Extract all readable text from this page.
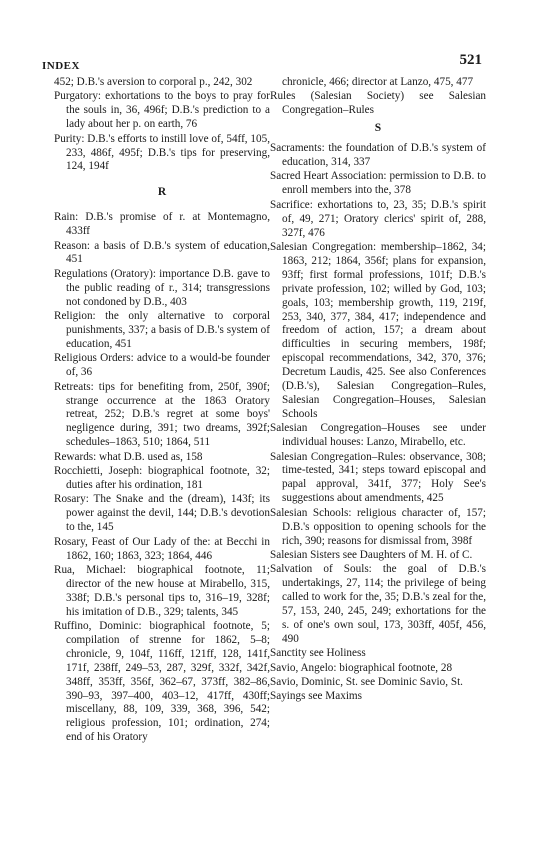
INDEX	521

452; D.B.'s aversion to corporal p., 242, 302

Purgatory: exhortations to the boys to pray for the souls in, 36, 496f; D.B.'s prediction to a lady about her p. on earth, 76

Purity: D.B.'s efforts to instill love of, 54ff, 105, 233, 486f, 495f; D.B.'s tips for preserving, 124, 194f

R

Rain: D.B.'s promise of r. at Montemagno, 433ff

Reason: a basis of D.B.'s system of education, 451

Regulations (Oratory): importance D.B. gave to the public reading of r., 314; transgressions not condoned by D.B., 403

Religion: the only alternative to corporal punishments, 337; a basis of D.B.'s system of education, 451

Religious Orders: advice to a would-be founder of, 36

Retreats: tips for benefiting from, 250f, 390f; strange occurrence at the 1863 Oratory retreat, 252; D.B.'s regret at some boys' negligence during, 391; two dreams, 392f; schedules–1863, 510; 1864, 511

Rewards: what D.B. used as, 158

Rocchietti, Joseph: biographical footnote, 32; duties after his ordination, 181

Rosary: The Snake and the (dream), 143f; its power against the devil, 144; D.B.'s devotion to the, 145

Rosary, Feast of Our Lady of the: at Becchi in 1862, 160; 1863, 323; 1864, 446

Rua, Michael: biographical footnote, 11; director of the new house at Mirabello, 315, 338f; D.B.'s personal tips to, 316–19, 328f; his imitation of D.B., 329; talents, 345

Ruffino, Dominic: biographical footnote, 5; compilation of strenne for 1862, 5–8; chronicle, 9, 104f, 116ff, 121ff, 128, 141f, 171f, 238ff, 249–53, 287, 329f, 332f, 342f, 348ff, 353ff, 356f, 362–67, 373ff, 382–86, 390–93, 397–400, 403–12, 417ff, 430ff; miscellany, 88, 109, 339, 368, 396, 542; religious profession, 101; ordination, 274; end of his Oratory

chronicle, 466; director at Lanzo, 475, 477

Rules (Salesian Society) see Salesian Congregation–Rules

S

Sacraments: the foundation of D.B.'s system of education, 314, 337

Sacred Heart Association: permission to D.B. to enroll members into the, 378

Sacrifice: exhortations to, 23, 35; D.B.'s spirit of, 49, 271; Oratory clerics' spirit of, 288, 327f, 476

Salesian Congregation: membership–1862, 34; 1863, 212; 1864, 356f; plans for expansion, 93ff; first formal professions, 101f; D.B.'s private profession, 102; willed by God, 103; goals, 103; membership growth, 119, 219f, 253, 340, 377, 384, 417; independence and freedom of action, 157; a dream about difficulties in securing members, 198f; episcopal recommendations, 342, 370, 376; Decretum Laudis, 425. See also Conferences (D.B.'s), Salesian Congregation–Rules, Salesian Congregation–Houses, Salesian Schools

Salesian Congregation–Houses see under individual houses: Lanzo, Mirabello, etc.

Salesian Congregation–Rules: observance, 308; time-tested, 341; steps toward episcopal and papal approval, 341f, 377; Holy See's suggestions about amendments, 425

Salesian Schools: religious character of, 157; D.B.'s opposition to opening schools for the rich, 390; reasons for dismissal from, 398f

Salesian Sisters see Daughters of M. H. of C.

Salvation of Souls: the goal of D.B.'s undertakings, 27, 114; the privilege of being called to work for the, 35; D.B.'s zeal for the, 57, 153, 240, 245, 249; exhortations for the s. of one's own soul, 173, 303ff, 405f, 456, 490

Sanctity see Holiness

Savio, Angelo: biographical footnote, 28

Savio, Dominic, St. see Dominic Savio, St.

Sayings see Maxims
